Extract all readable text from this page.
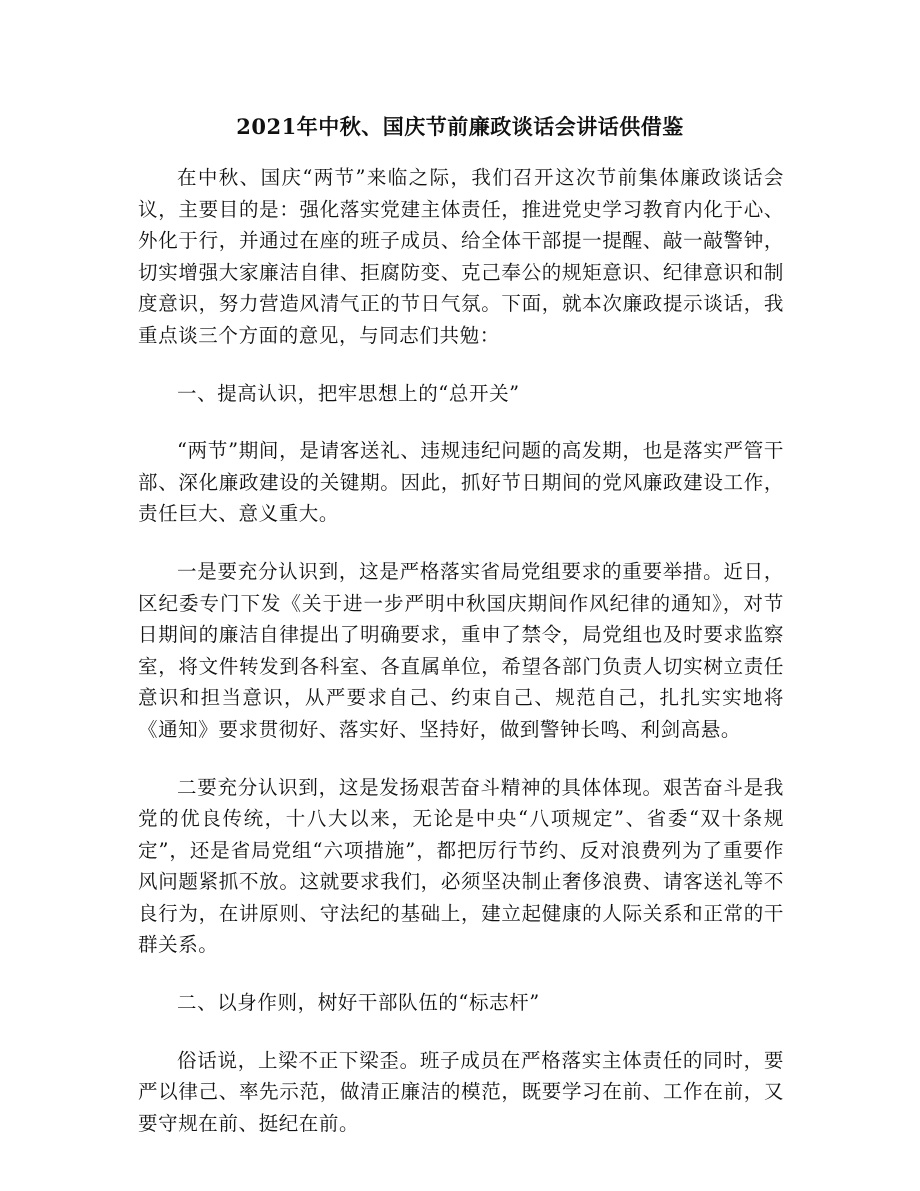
2021年中秋、国庆节前廉政谈话会讲话供借鉴

在中秋、国庆“两节”来临之际，我们召开这次节前集体廉政谈话会议，主要目的是：强化落实党建主体责任，推进党史学习教育内化于心、外化于行，并通过在座的班子成员、给全体干部提一提醒、敲一敲警钟，切实增强大家廉洁自律、拒腐防变、克己奉公的规矩意识、纪律意识和制度意识，努力营造风清气正的节日气氛。下面，就本次廉政提示谈话，我重点谈三个方面的意见，与同志们共勉：

一、提高认识，把牢思想上的“总开关”

“两节”期间，是请客送礼、违规违纪问题的高发期，也是落实严管干部、深化廉政建设的关键期。因此，抓好节日期间的党风廉政建设工作，责任巨大、意义重大。

一是要充分认识到，这是严格落实省局党组要求的重要举措。近日，区纪委专门下发《关于进一步严明中秋国庆期间作风纪律的通知》，对节日期间的廉洁自律提出了明确要求，重申了禁令，局党组也及时要求监察室，将文件转发到各科室、各直属单位，希望各部门负责人切实树立责任意识和担当意识，从严要求自己、约束自己、规范自己，扎扎实实地将《通知》要求贯彻好、落实好、坚持好，做到警钟长鸣、利剑高悬。

二要充分认识到，这是发扬艰苦奋斗精神的具体体现。艰苦奋斗是我党的优良传统，十八大以来，无论是中央“八项规定”、省委“双十条规定”，还是省局党组“六项措施”，都把厉行节约、反对浪费列为了重要作风问题紧抓不放。这就要求我们，必须坚决制止奢侈浪费、请客送礼等不良行为，在讲原则、守法纪的基础上，建立起健康的人际关系和正常的干群关系。

二、以身作则，树好干部队伍的“标志杆”

俗话说，上梁不正下梁歪。班子成员在严格落实主体责任的同时，要严以律己、率先示范，做清正廉洁的模范，既要学习在前、工作在前，又要守规在前、挺纪在前。
